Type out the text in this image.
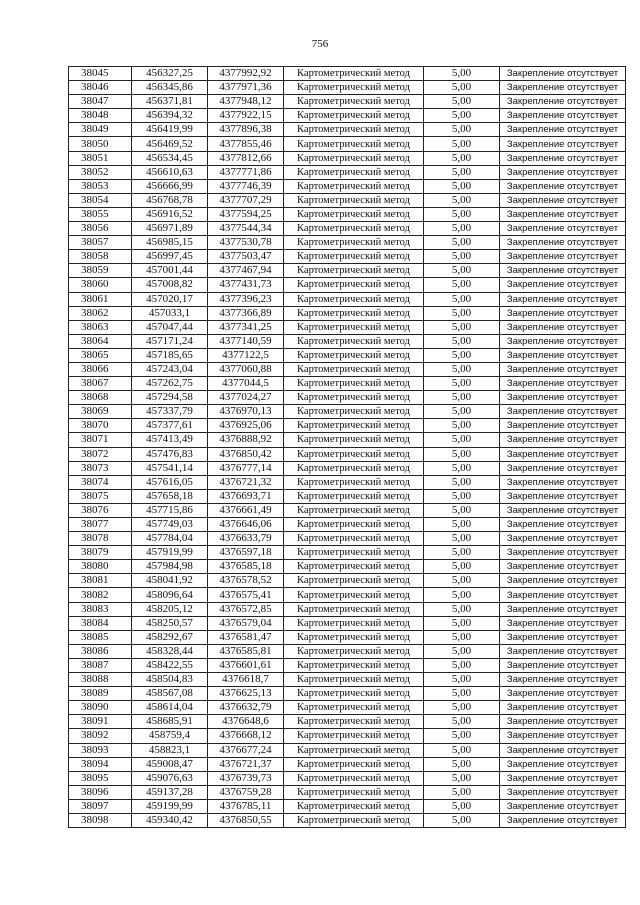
756
38045	456327,25	4377992,92	Картометрический метод	5,00	Закрепление отсутствует
38046	456345,86	4377971,36	Картометрический метод	5,00	Закрепление отсутствует
38047	456371,81	4377948,12	Картометрический метод	5,00	Закрепление отсутствует
38048	456394,32	4377922,15	Картометрический метод	5,00	Закрепление отсутствует
38049	456419,99	4377896,38	Картометрический метод	5,00	Закрепление отсутствует
38050	456469,52	4377855,46	Картометрический метод	5,00	Закрепление отсутствует
38051	456534,45	4377812,66	Картометрический метод	5,00	Закрепление отсутствует
38052	456610,63	4377771,86	Картометрический метод	5,00	Закрепление отсутствует
38053	456666,99	4377746,39	Картометрический метод	5,00	Закрепление отсутствует
38054	456768,78	4377707,29	Картометрический метод	5,00	Закрепление отсутствует
38055	456916,52	4377594,25	Картометрический метод	5,00	Закрепление отсутствует
38056	456971,89	4377544,34	Картометрический метод	5,00	Закрепление отсутствует
38057	456985,15	4377530,78	Картометрический метод	5,00	Закрепление отсутствует
38058	456997,45	4377503,47	Картометрический метод	5,00	Закрепление отсутствует
38059	457001,44	4377467,94	Картометрический метод	5,00	Закрепление отсутствует
38060	457008,82	4377431,73	Картометрический метод	5,00	Закрепление отсутствует
38061	457020,17	4377396,23	Картометрический метод	5,00	Закрепление отсутствует
38062	457033,1	4377366,89	Картометрический метод	5,00	Закрепление отсутствует
38063	457047,44	4377341,25	Картометрический метод	5,00	Закрепление отсутствует
38064	457171,24	4377140,59	Картометрический метод	5,00	Закрепление отсутствует
38065	457185,65	4377122,5	Картометрический метод	5,00	Закрепление отсутствует
38066	457243,04	4377060,88	Картометрический метод	5,00	Закрепление отсутствует
38067	457262,75	4377044,5	Картометрический метод	5,00	Закрепление отсутствует
38068	457294,58	4377024,27	Картометрический метод	5,00	Закрепление отсутствует
38069	457337,79	4376970,13	Картометрический метод	5,00	Закрепление отсутствует
38070	457377,61	4376925,06	Картометрический метод	5,00	Закрепление отсутствует
38071	457413,49	4376888,92	Картометрический метод	5,00	Закрепление отсутствует
38072	457476,83	4376850,42	Картометрический метод	5,00	Закрепление отсутствует
38073	457541,14	4376777,14	Картометрический метод	5,00	Закрепление отсутствует
38074	457616,05	4376721,32	Картометрический метод	5,00	Закрепление отсутствует
38075	457658,18	4376693,71	Картометрический метод	5,00	Закрепление отсутствует
38076	457715,86	4376661,49	Картометрический метод	5,00	Закрепление отсутствует
38077	457749,03	4376646,06	Картометрический метод	5,00	Закрепление отсутствует
38078	457784,04	4376633,79	Картометрический метод	5,00	Закрепление отсутствует
38079	457919,99	4376597,18	Картометрический метод	5,00	Закрепление отсутствует
38080	457984,98	4376585,18	Картометрический метод	5,00	Закрепление отсутствует
38081	458041,92	4376578,52	Картометрический метод	5,00	Закрепление отсутствует
38082	458096,64	4376575,41	Картометрический метод	5,00	Закрепление отсутствует
38083	458205,12	4376572,85	Картометрический метод	5,00	Закрепление отсутствует
38084	458250,57	4376579,04	Картометрический метод	5,00	Закрепление отсутствует
38085	458292,67	4376581,47	Картометрический метод	5,00	Закрепление отсутствует
38086	458328,44	4376585,81	Картометрический метод	5,00	Закрепление отсутствует
38087	458422,55	4376601,61	Картометрический метод	5,00	Закрепление отсутствует
38088	458504,83	4376618,7	Картометрический метод	5,00	Закрепление отсутствует
38089	458567,08	4376625,13	Картометрический метод	5,00	Закрепление отсутствует
38090	458614,04	4376632,79	Картометрический метод	5,00	Закрепление отсутствует
38091	458685,91	4376648,6	Картометрический метод	5,00	Закрепление отсутствует
38092	458759,4	4376668,12	Картометрический метод	5,00	Закрепление отсутствует
38093	458823,1	4376677,24	Картометрический метод	5,00	Закрепление отсутствует
38094	459008,47	4376721,37	Картометрический метод	5,00	Закрепление отсутствует
38095	459076,63	4376739,73	Картометрический метод	5,00	Закрепление отсутствует
38096	459137,28	4376759,28	Картометрический метод	5,00	Закрепление отсутствует
38097	459199,99	4376785,11	Картометрический метод	5,00	Закрепление отсутствует
38098	459340,42	4376850,55	Картометрический метод	5,00	Закрепление отсутствует
